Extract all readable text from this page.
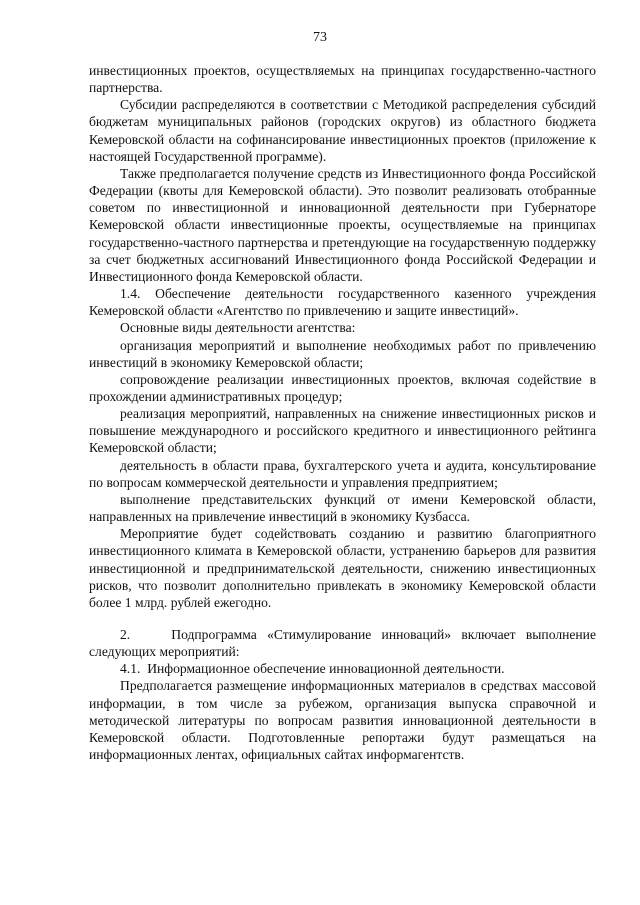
73

инвестиционных проектов, осуществляемых на принципах государственно-частного партнерства.

Субсидии распределяются в соответствии с Методикой распределения субсидий бюджетам муниципальных районов (городских округов) из областного бюджета Кемеровской области на софинансирование инвестиционных проектов (приложение к настоящей Государственной программе).

Также предполагается получение средств из Инвестиционного фонда Российской Федерации (квоты для Кемеровской области). Это позволит реализовать отобранные советом по инвестиционной и инновационной деятельности при Губернаторе Кемеровской области инвестиционные проекты, осуществляемые на принципах государственно-частного партнерства и претендующие на государственную поддержку за счет бюджетных ассигнований Инвестиционного фонда Российской Федерации и Инвестиционного фонда Кемеровской области.

1.4. Обеспечение деятельности государственного казенного учреждения Кемеровской области «Агентство по привлечению и защите инвестиций».

Основные виды деятельности агентства:

организация мероприятий и выполнение необходимых работ по привлечению инвестиций в экономику Кемеровской области;

сопровождение реализации инвестиционных проектов, включая содействие в прохождении административных процедур;

реализация мероприятий, направленных на снижение инвестиционных рисков и повышение международного и российского кредитного и инвестиционного рейтинга Кемеровской области;

деятельность в области права, бухгалтерского учета и аудита, консультирование по вопросам коммерческой деятельности и управления предприятием;

выполнение представительских функций от имени Кемеровской области, направленных на привлечение инвестиций в экономику Кузбасса.

Мероприятие будет содействовать созданию и развитию благоприятного инвестиционного климата в Кемеровской области, устранению барьеров для развития инвестиционной и предпринимательской деятельности, снижению инвестиционных рисков, что позволит дополнительно привлекать в экономику Кемеровской области более 1 млрд. рублей ежегодно.

2.    Подпрограмма «Стимулирование инноваций» включает выполнение следующих мероприятий:

4.1.  Информационное обеспечение инновационной деятельности.

Предполагается размещение информационных материалов в средствах массовой информации, в том числе за рубежом, организация выпуска справочной и методической литературы по вопросам развития инновационной деятельности в Кемеровской области. Подготовленные репортажи будут размещаться на информационных лентах, официальных сайтах информагентств.
